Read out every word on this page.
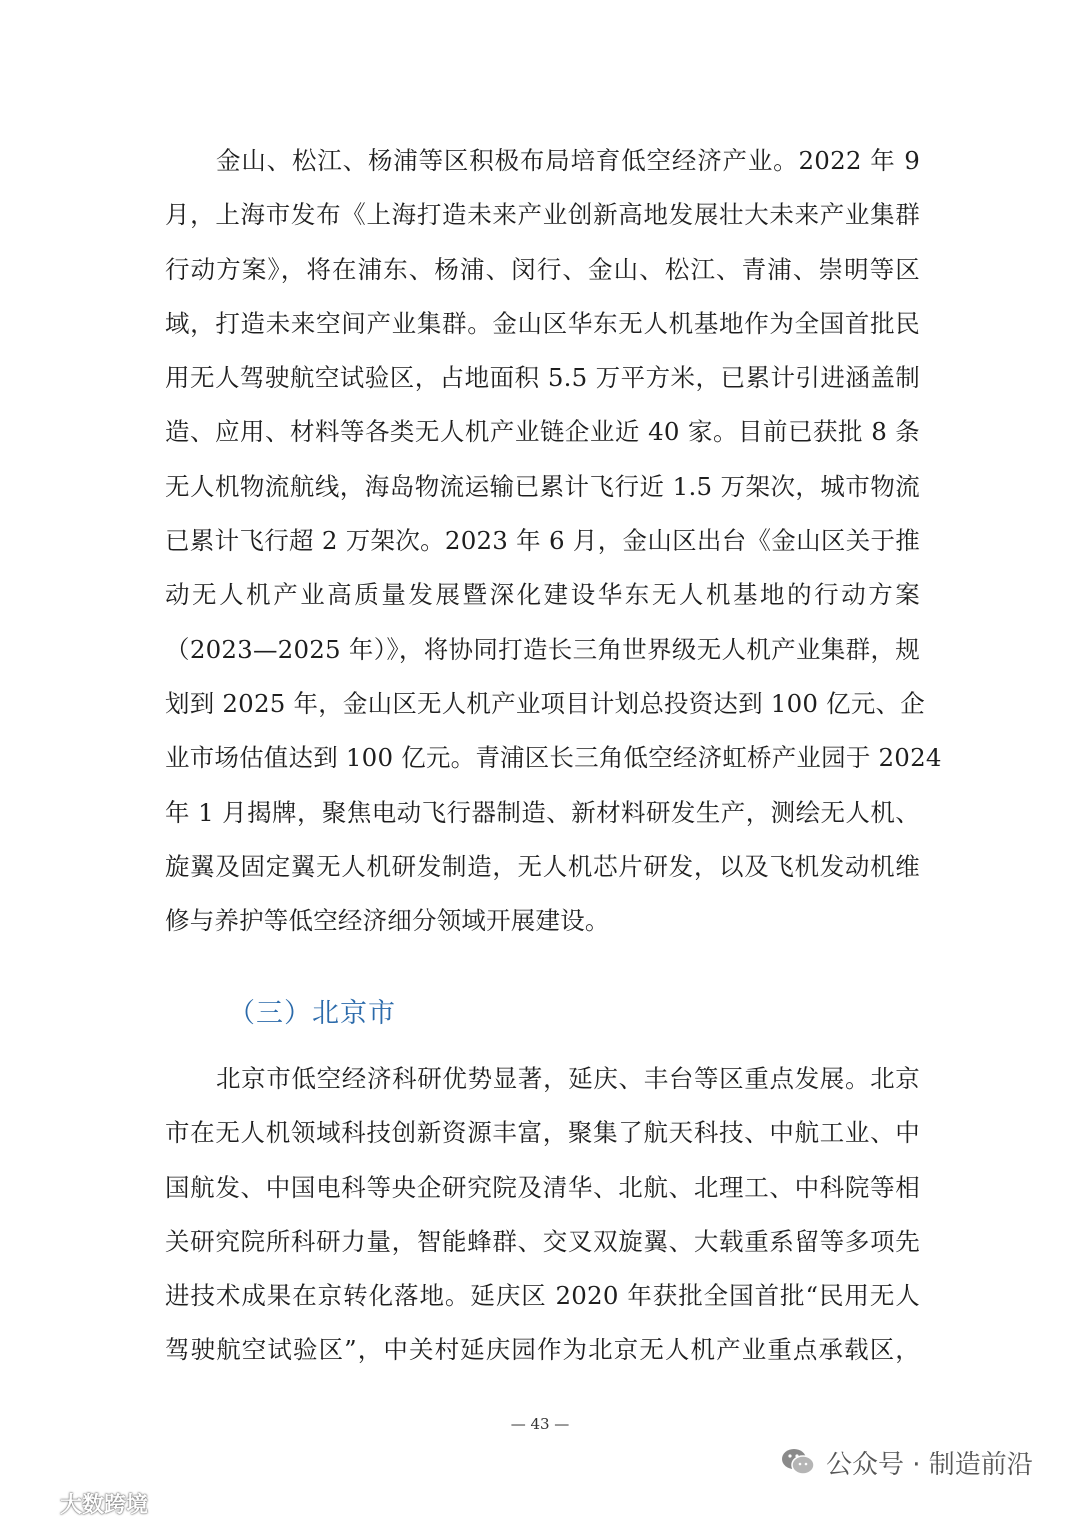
金山、松江、杨浦等区积极布局培育低空经济产业。2022 年 9
月，上海市发布《上海打造未来产业创新高地发展壮大未来产业集群
行动方案》，将在浦东、杨浦、闵行、金山、松江、青浦、崇明等区
域，打造未来空间产业集群。金山区华东无人机基地作为全国首批民
用无人驾驶航空试验区，占地面积 5.5 万平方米，已累计引进涵盖制
造、应用、材料等各类无人机产业链企业近 40 家。目前已获批 8 条
无人机物流航线，海岛物流运输已累计飞行近 1.5 万架次，城市物流
已累计飞行超 2 万架次。2023 年 6 月，金山区出台《金山区关于推
动无人机产业高质量发展暨深化建设华东无人机基地的行动方案
（2023—2025 年）》，将协同打造长三角世界级无人机产业集群，规
划到 2025 年，金山区无人机产业项目计划总投资达到 100 亿元、企
业市场估值达到 100 亿元。青浦区长三角低空经济虹桥产业园于 2024
年 1 月揭牌，聚焦电动飞行器制造、新材料研发生产，测绘无人机、
旋翼及固定翼无人机研发制造，无人机芯片研发，以及飞机发动机维
修与养护等低空经济细分领域开展建设。
（三）北京市
北京市低空经济科研优势显著，延庆、丰台等区重点发展。北京
市在无人机领域科技创新资源丰富，聚集了航天科技、中航工业、中
国航发、中国电科等央企研究院及清华、北航、北理工、中科院等相
关研究院所科研力量，智能蜂群、交叉双旋翼、大载重系留等多项先
进技术成果在京转化落地。延庆区 2020 年获批全国首批“民用无人
驾驶航空试验区”，中关村延庆园作为北京无人机产业重点承载区，
— 43 —
公众号 · 制造前沿
大数跨境
